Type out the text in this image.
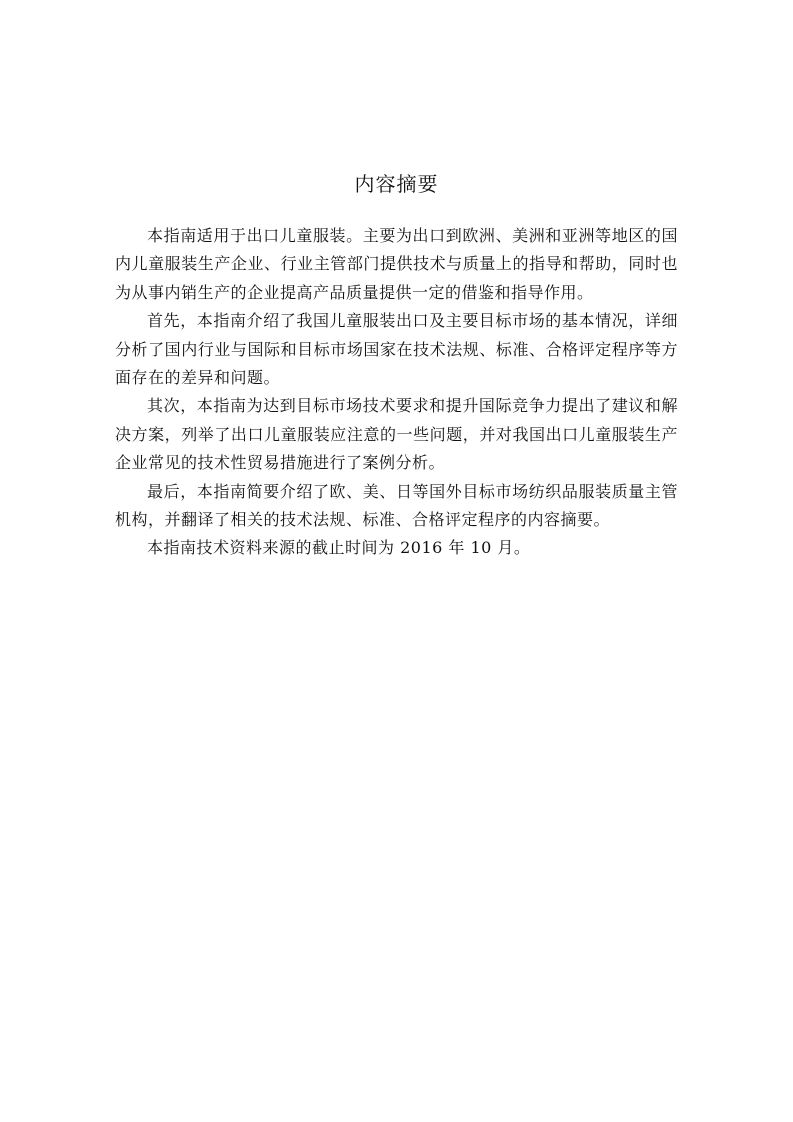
内容摘要

本指南适用于出口儿童服装。主要为出口到欧洲、美洲和亚洲等地区的国内儿童服装生产企业、行业主管部门提供技术与质量上的指导和帮助，同时也为从事内销生产的企业提高产品质量提供一定的借鉴和指导作用。

首先，本指南介绍了我国儿童服装出口及主要目标市场的基本情况，详细分析了国内行业与国际和目标市场国家在技术法规、标准、合格评定程序等方面存在的差异和问题。

其次，本指南为达到目标市场技术要求和提升国际竞争力提出了建议和解决方案，列举了出口儿童服装应注意的一些问题，并对我国出口儿童服装生产企业常见的技术性贸易措施进行了案例分析。

最后，本指南简要介绍了欧、美、日等国外目标市场纺织品服装质量主管机构，并翻译了相关的技术法规、标准、合格评定程序的内容摘要。

本指南技术资料来源的截止时间为 2016 年 10 月。
